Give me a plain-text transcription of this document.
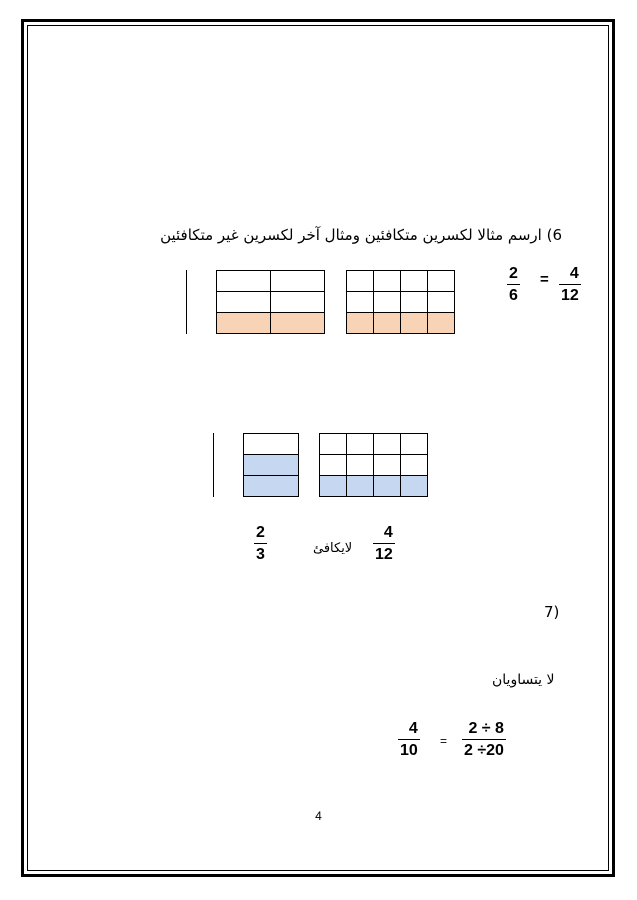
6) ارسم مثالا لكسرين متكافئين ومثال آخر لكسرين غير متكافئين
4
12
=
2
6
4
12
لايكافئ
2
3
(7
لا يتساويان
2 ÷ 8
2 ÷20
=
4
10
4
